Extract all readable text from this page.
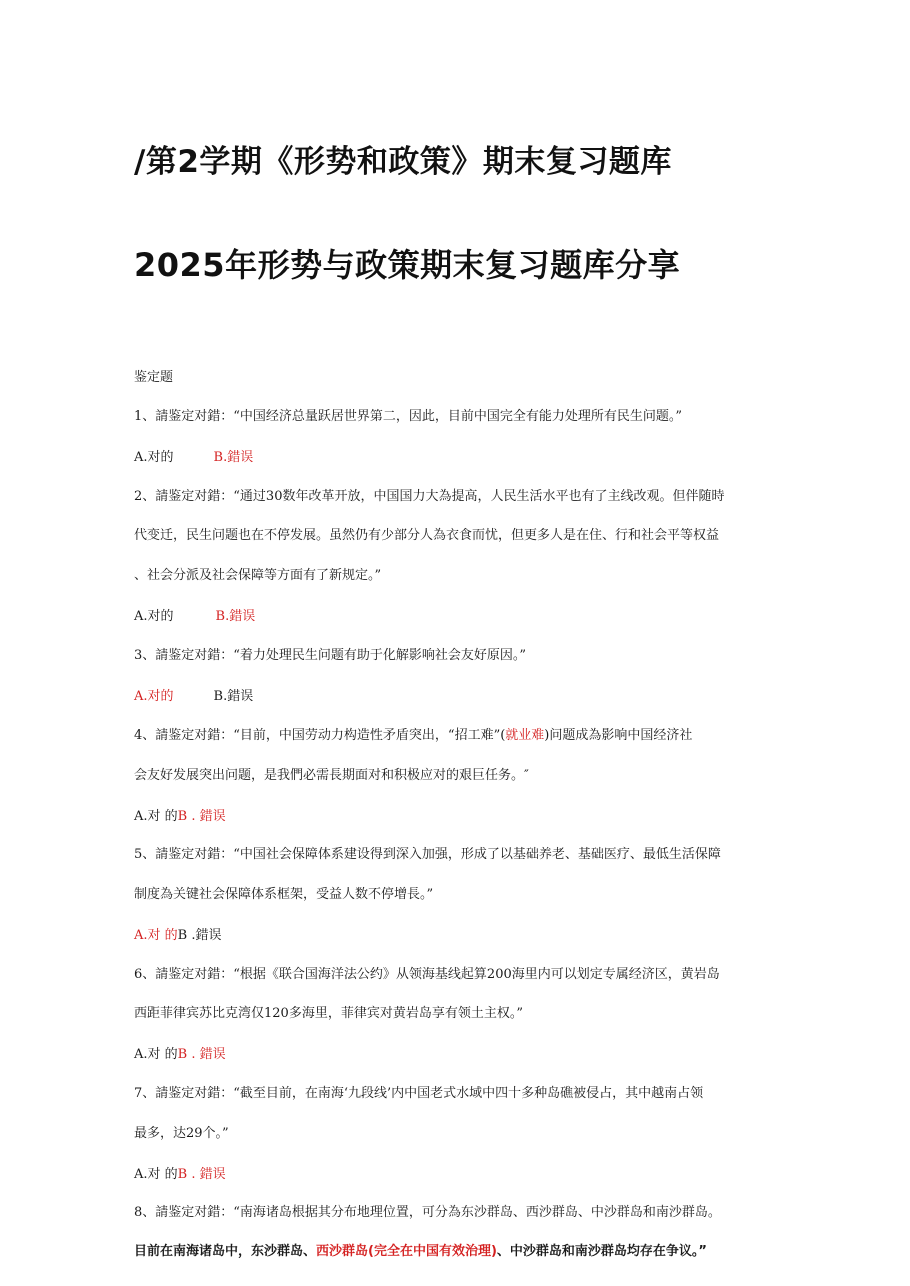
/第2学期《形势和政策》期末复习题库
2025年形势与政策期末复习题库分享
鉴定题
1、請鉴定对錯：“中国经济总量跃居世界第二，因此，目前中国完全有能力处理所有民生问题。”
A.对的	B.錯误
2、請鉴定对錯：“通过30数年改革开放，中国国力大為提高，人民生活水平也有了主线改观。但伴随時
代变迁，民生问题也在不停发展。虽然仍有少部分人為衣食而忧，但更多人是在住、行和社会平等权益
、社会分派及社会保障等方面有了新规定。”
A.对的	B.錯误
3、請鉴定对錯：“着力处理民生问题有助于化解影响社会友好原因。”
A.对的	B.錯误
4、請鉴定对錯：“目前，中国劳动力构造性矛盾突出，“招工难”(就业难)问题成為影响中国经济社
会友好发展突出问题，是我們必需長期面对和积极应对的艰巨任务。″
A.对 的B . 錯误
5、請鉴定对錯：“中国社会保障体系建设得到深入加强，形成了以基础养老、基础医疗、最低生活保障
制度為关键社会保障体系框架，受益人数不停增長。”
A.对 的B .錯误
6、請鉴定对錯：“根据《联合国海洋法公约》从领海基线起算200海里内可以划定专属经济区，黄岩岛
西距菲律宾苏比克湾仅120多海里，菲律宾对黄岩岛享有领土主权。”
A.对 的B . 錯误
7、請鉴定对錯：“截至目前，在南海‘九段线’内中国老式水域中四十多种岛礁被侵占，其中越南占领
最多，达29个。”
A.对 的B . 錯误
8、請鉴定对錯：“南海诸岛根据其分布地理位置，可分為东沙群岛、西沙群岛、中沙群岛和南沙群岛。
目前在南海诸岛中，东沙群岛、西沙群岛(完全在中国有效治理)、中沙群岛和南沙群岛均存在争议。”
